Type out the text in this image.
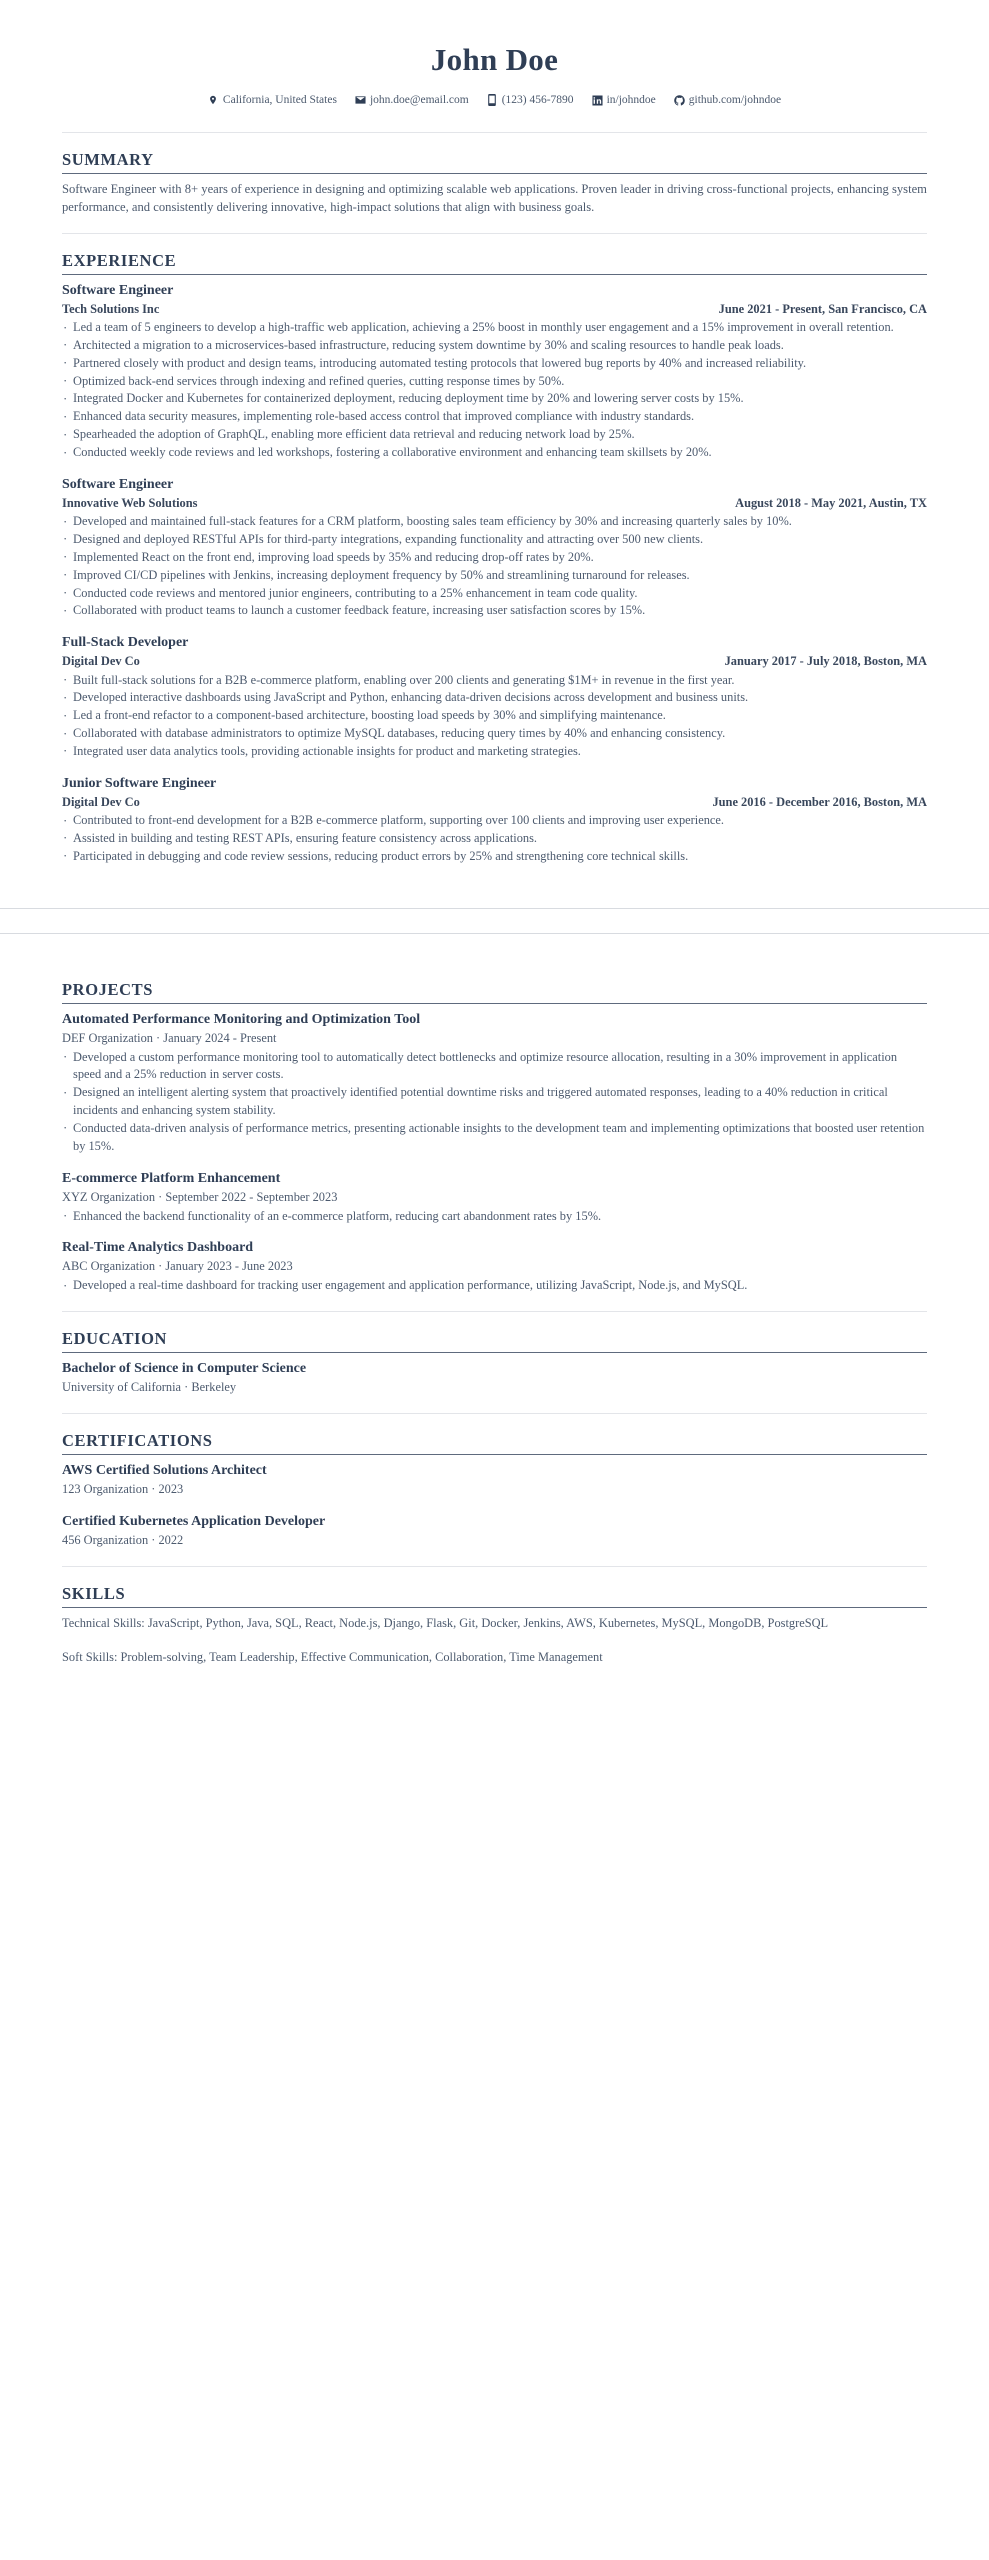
John Doe
California, United States	john.doe@email.com	(123) 456-7890	in/johndoe	github.com/johndoe
SUMMARY

Software Engineer with 8+ years of experience in designing and optimizing scalable web applications. Proven leader in driving cross-functional projects, enhancing system performance, and consistently delivering innovative, high-impact solutions that align with business goals.

EXPERIENCE
Software Engineer
Tech Solutions Inc	June 2021 - Present, San Francisco, CA
· Led a team of 5 engineers to develop a high-traffic web application, achieving a 25% boost in monthly user engagement and a 15% improvement in overall retention.
· Architected a migration to a microservices-based infrastructure, reducing system downtime by 30% and scaling resources to handle peak loads.
· Partnered closely with product and design teams, introducing automated testing protocols that lowered bug reports by 40% and increased reliability.
· Optimized back-end services through indexing and refined queries, cutting response times by 50%.
· Integrated Docker and Kubernetes for containerized deployment, reducing deployment time by 20% and lowering server costs by 15%.
· Enhanced data security measures, implementing role-based access control that improved compliance with industry standards.
· Spearheaded the adoption of GraphQL, enabling more efficient data retrieval and reducing network load by 25%.
· Conducted weekly code reviews and led workshops, fostering a collaborative environment and enhancing team skillsets by 20%.
Software Engineer
Innovative Web Solutions	August 2018 - May 2021, Austin, TX
· Developed and maintained full-stack features for a CRM platform, boosting sales team efficiency by 30% and increasing quarterly sales by 10%.
· Designed and deployed RESTful APIs for third-party integrations, expanding functionality and attracting over 500 new clients.
· Implemented React on the front end, improving load speeds by 35% and reducing drop-off rates by 20%.
· Improved CI/CD pipelines with Jenkins, increasing deployment frequency by 50% and streamlining turnaround for releases.
· Conducted code reviews and mentored junior engineers, contributing to a 25% enhancement in team code quality.
· Collaborated with product teams to launch a customer feedback feature, increasing user satisfaction scores by 15%.
Full-Stack Developer
Digital Dev Co	January 2017 - July 2018, Boston, MA
· Built full-stack solutions for a B2B e-commerce platform, enabling over 200 clients and generating $1M+ in revenue in the first year.
· Developed interactive dashboards using JavaScript and Python, enhancing data-driven decisions across development and business units.
· Led a front-end refactor to a component-based architecture, boosting load speeds by 30% and simplifying maintenance.
· Collaborated with database administrators to optimize MySQL databases, reducing query times by 40% and enhancing consistency.
· Integrated user data analytics tools, providing actionable insights for product and marketing strategies.
Junior Software Engineer
Digital Dev Co	June 2016 - December 2016, Boston, MA
· Contributed to front-end development for a B2B e-commerce platform, supporting over 100 clients and improving user experience.
· Assisted in building and testing REST APIs, ensuring feature consistency across applications.
· Participated in debugging and code review sessions, reducing product errors by 25% and strengthening core technical skills.
PROJECTS
Automated Performance Monitoring and Optimization Tool
DEF Organization · January 2024 - Present
· Developed a custom performance monitoring tool to automatically detect bottlenecks and optimize resource allocation, resulting in a 30% improvement in application speed and a 25% reduction in server costs.
· Designed an intelligent alerting system that proactively identified potential downtime risks and triggered automated responses, leading to a 40% reduction in critical incidents and enhancing system stability.
· Conducted data-driven analysis of performance metrics, presenting actionable insights to the development team and implementing optimizations that boosted user retention by 15%.
E-commerce Platform Enhancement
XYZ Organization · September 2022 - September 2023
· Enhanced the backend functionality of an e-commerce platform, reducing cart abandonment rates by 15%.
Real-Time Analytics Dashboard
ABC Organization · January 2023 - June 2023
· Developed a real-time dashboard for tracking user engagement and application performance, utilizing JavaScript, Node.js, and MySQL.
EDUCATION
Bachelor of Science in Computer Science
University of California · Berkeley
CERTIFICATIONS
AWS Certified Solutions Architect
123 Organization · 2023
Certified Kubernetes Application Developer
456 Organization · 2022
SKILLS

Technical Skills: JavaScript, Python, Java, SQL, React, Node.js, Django, Flask, Git, Docker, Jenkins, AWS, Kubernetes, MySQL, MongoDB, PostgreSQL

Soft Skills: Problem-solving, Team Leadership, Effective Communication, Collaboration, Time Management
